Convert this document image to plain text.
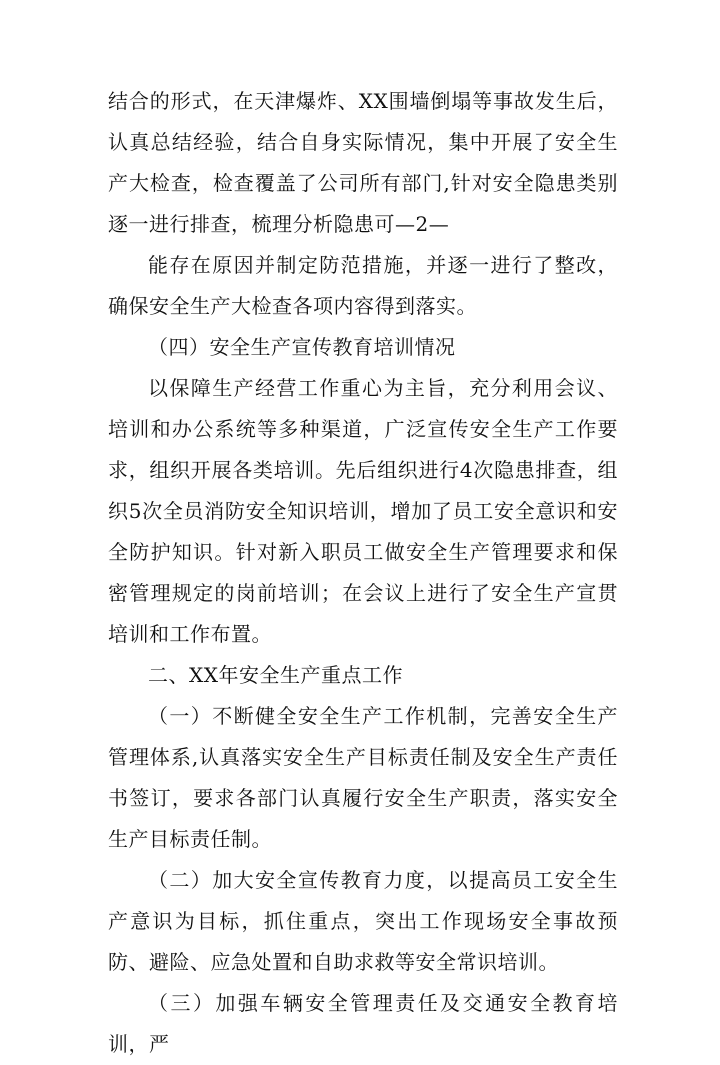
结合的形式，在天津爆炸、XX围墙倒塌等事故发生后，认真总结经验，结合自身实际情况，集中开展了安全生产大检查，检查覆盖了公司所有部门,针对安全隐患类别逐一进行排查，梳理分析隐患可—2—

能存在原因并制定防范措施，并逐一进行了整改，确保安全生产大检查各项内容得到落实。

（四）安全生产宣传教育培训情况

以保障生产经营工作重心为主旨，充分利用会议、培训和办公系统等多种渠道，广泛宣传安全生产工作要求，组织开展各类培训。先后组织进行4次隐患排查，组织5次全员消防安全知识培训，增加了员工安全意识和安全防护知识。针对新入职员工做安全生产管理要求和保密管理规定的岗前培训；在会议上进行了安全生产宣贯培训和工作布置。

二、XX年安全生产重点工作

（一）不断健全安全生产工作机制，完善安全生产管理体系,认真落实安全生产目标责任制及安全生产责任书签订，要求各部门认真履行安全生产职责，落实安全生产目标责任制。

（二）加大安全宣传教育力度，以提高员工安全生产意识为目标，抓住重点，突出工作现场安全事故预防、避险、应急处置和自助求救等安全常识培训。

（三）加强车辆安全管理责任及交通安全教育培训，严
